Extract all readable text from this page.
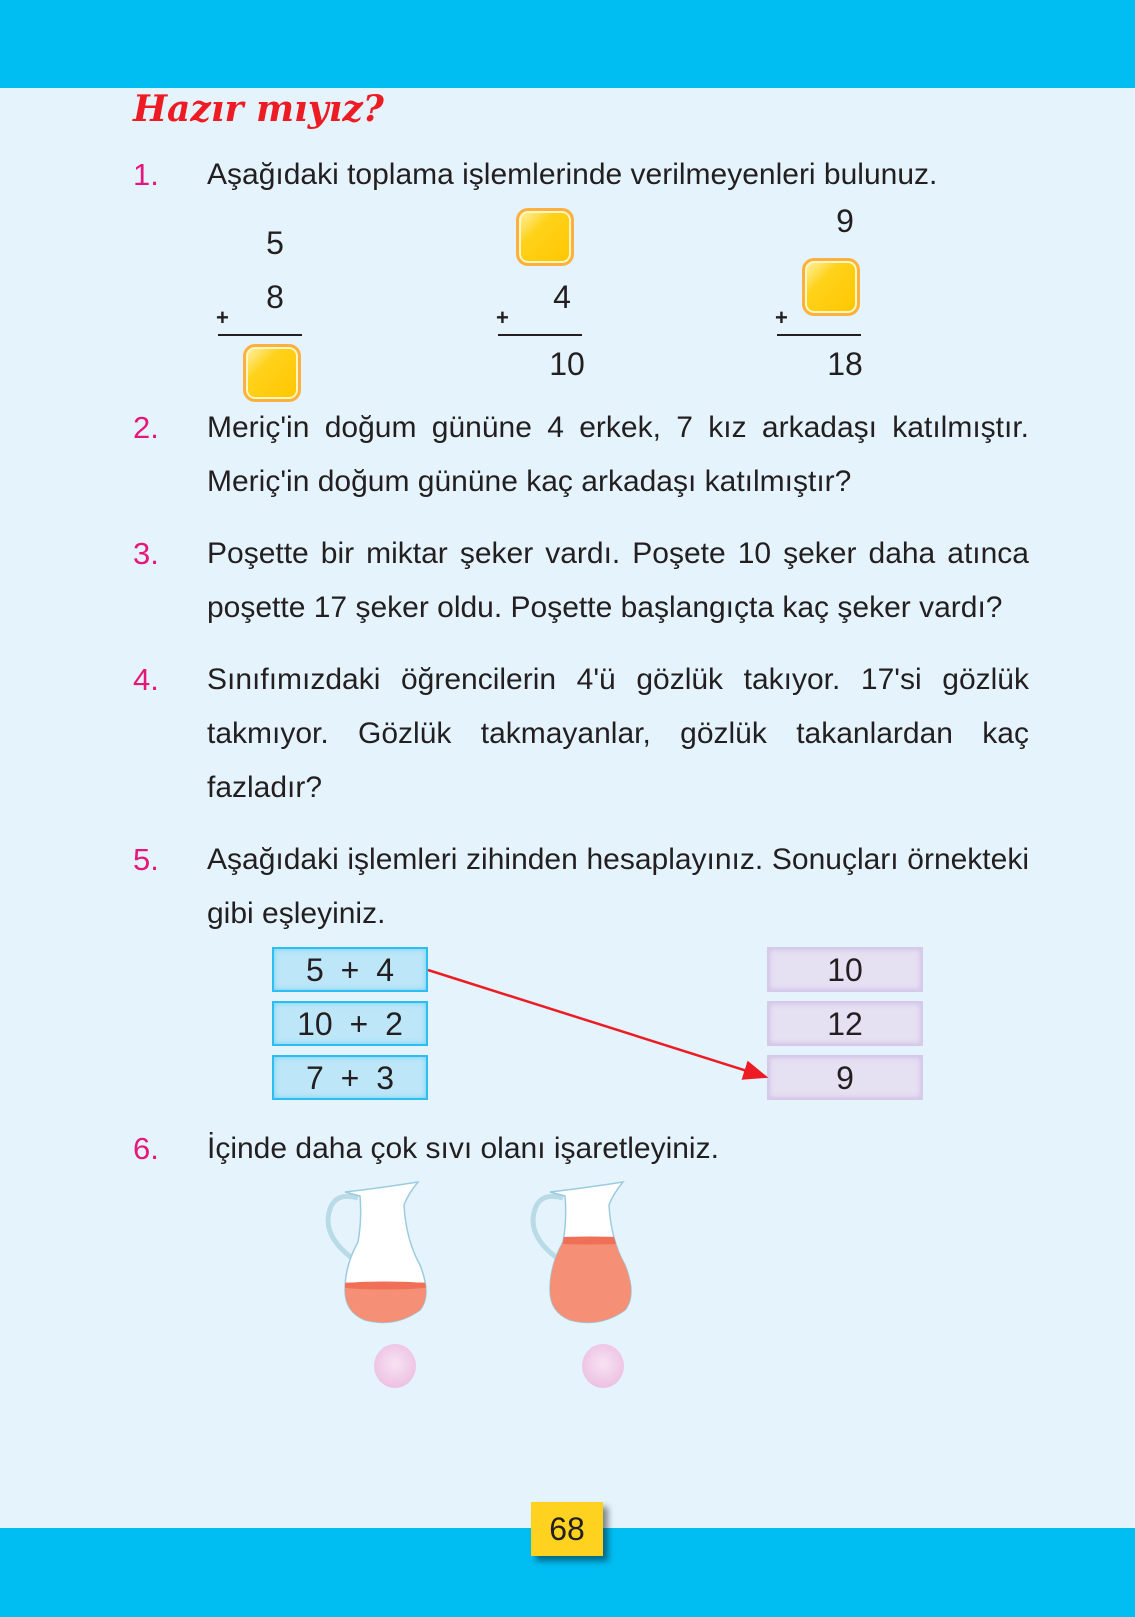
Hazır mıyız?
1. Aşağıdaki toplama işlemlerinde verilmeyenleri bulunuz.
5
8
+
4
+
10
9
+
18
2. Meriç'in doğum gününe 4 erkek, 7 kız arkadaşı katılmıştır. Meriç'in doğum gününe kaç arkadaşı katılmıştır?
3. Poşette bir miktar şeker vardı. Poşete 10 şeker daha atınca poşette 17 şeker oldu. Poşette başlangıçta kaç şeker vardı?
4. Sınıfımızdaki öğrencilerin 4'ü gözlük takıyor. 17'si gözlük takmıyor. Gözlük takmayanlar, gözlük takanlardan kaç fazladır?
5. Aşağıdaki işlemleri zihinden hesaplayınız. Sonuçları örnekteki gibi eşleyiniz.
5 + 4
10 + 2
7 + 3
10
12
9
6. İçinde daha çok sıvı olanı işaretleyiniz.
68
